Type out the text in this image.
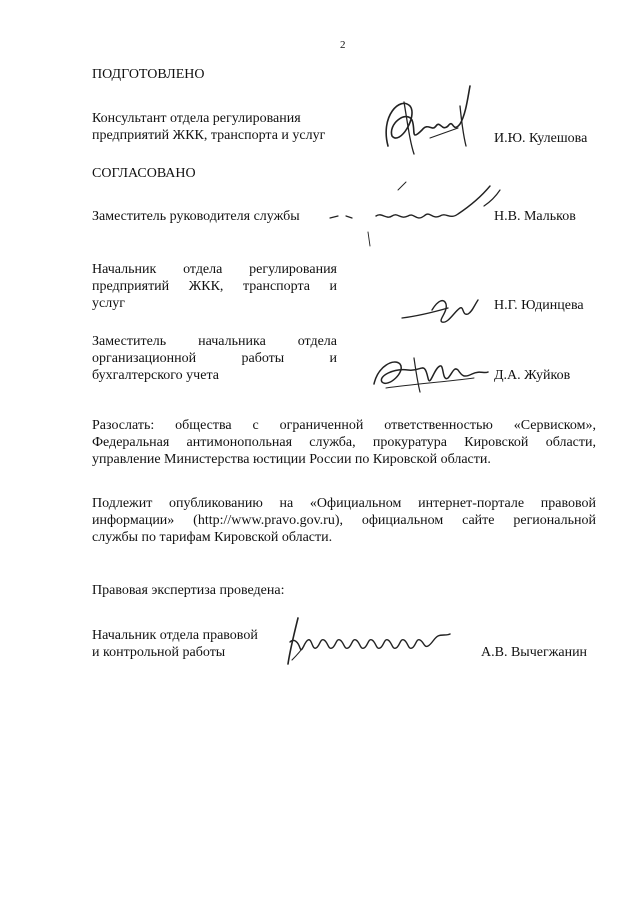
2
ПОДГОТОВЛЕНО
Консультант отдела регулирования
предприятий ЖКК, транспорта и услуг	И.Ю. Кулешова
СОГЛАСОВАНО
Заместитель руководителя службы	Н.В. Мальков
Начальник отдела регулирования
предприятий ЖКК, транспорта и
услуг	Н.Г. Юдинцева
Заместитель начальника отдела
организационной работы и
бухгалтерского учета	Д.А. Жуйков
Разослать: общества с ограниченной ответственностью «Сервиском»,
Федеральная антимонопольная служба, прокуратура Кировской области,
управление Министерства юстиции России по Кировской области.
Подлежит опубликованию на «Официальном интернет-портале правовой
информации» (http://www.pravo.gov.ru), официальном сайте региональной
службы по тарифам Кировской области.
Правовая экспертиза проведена:
Начальник отдела правовой
и контрольной работы	А.В. Вычегжанин
